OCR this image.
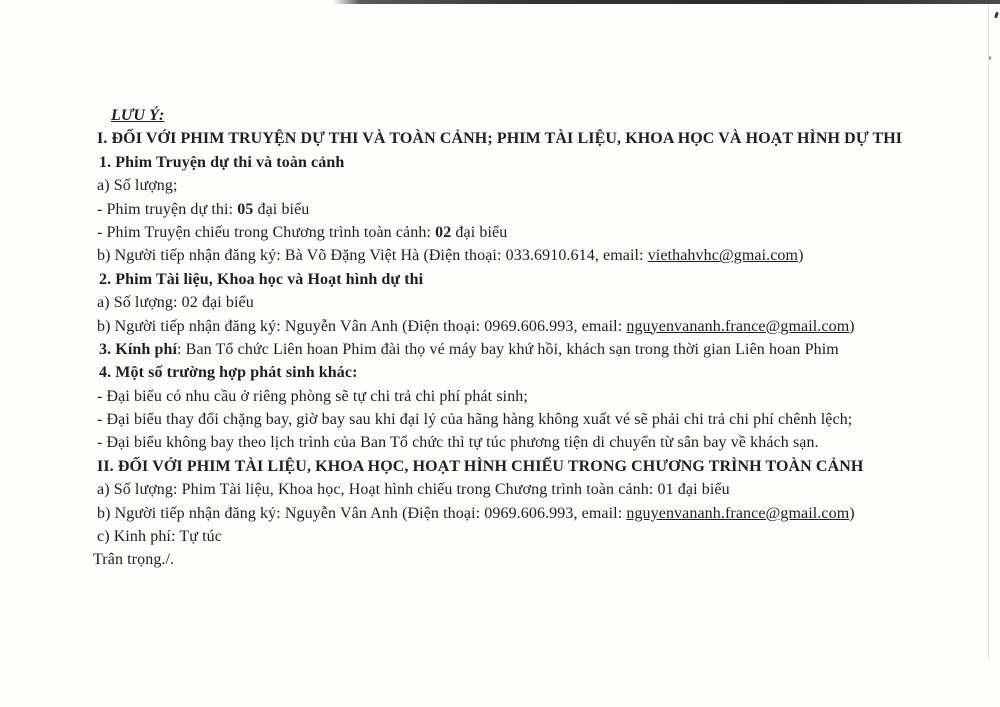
LƯU Ý:
I. ĐỐI VỚI PHIM TRUYỆN DỰ THI VÀ TOÀN CẢNH; PHIM TÀI LIỆU, KHOA HỌC VÀ HOẠT HÌNH DỰ THI
1. Phim Truyện dự thi và toàn cảnh
a) Số lượng;
- Phim truyện dự thi: 05 đại biểu
- Phim Truyện chiếu trong Chương trình toàn cảnh: 02 đại biểu
b) Người tiếp nhận đăng ký: Bà Võ Đặng Việt Hà (Điện thoại: 033.6910.614, email: viethahvhc@gmai.com)
2. Phim Tài liệu, Khoa học và Hoạt hình dự thi
a) Số lượng: 02 đại biểu
b) Người tiếp nhận đăng ký: Nguyễn Vân Anh (Điện thoại: 0969.606.993, email: nguyenvananh.france@gmail.com)
3. Kính phí: Ban Tổ chức Liên hoan Phim đài thọ vé máy bay khứ hồi, khách sạn trong thời gian Liên hoan Phim
4. Một số trường hợp phát sinh khác:
- Đại biểu có nhu cầu ở riêng phòng sẽ tự chi trả chi phí phát sinh;
- Đại biểu thay đổi chặng bay, giờ bay sau khi đại lý của hãng hàng không xuất vé sẽ phải chi trả chi phí chênh lệch;
- Đại biểu không bay theo lịch trình của Ban Tổ chức thì tự túc phương tiện di chuyển từ sân bay về khách sạn.
II. ĐỐI VỚI PHIM TÀI LIỆU, KHOA HỌC, HOẠT HÌNH CHIẾU TRONG CHƯƠNG TRÌNH TOÀN CẢNH
a) Số lượng: Phim Tài liệu, Khoa học, Hoạt hình chiếu trong Chương trình toàn cảnh: 01 đại biểu
b) Người tiếp nhận đăng ký: Nguyễn Vân Anh (Điện thoại: 0969.606.993, email: nguyenvananh.france@gmail.com)
c) Kinh phí: Tự túc
Trân trọng./.
